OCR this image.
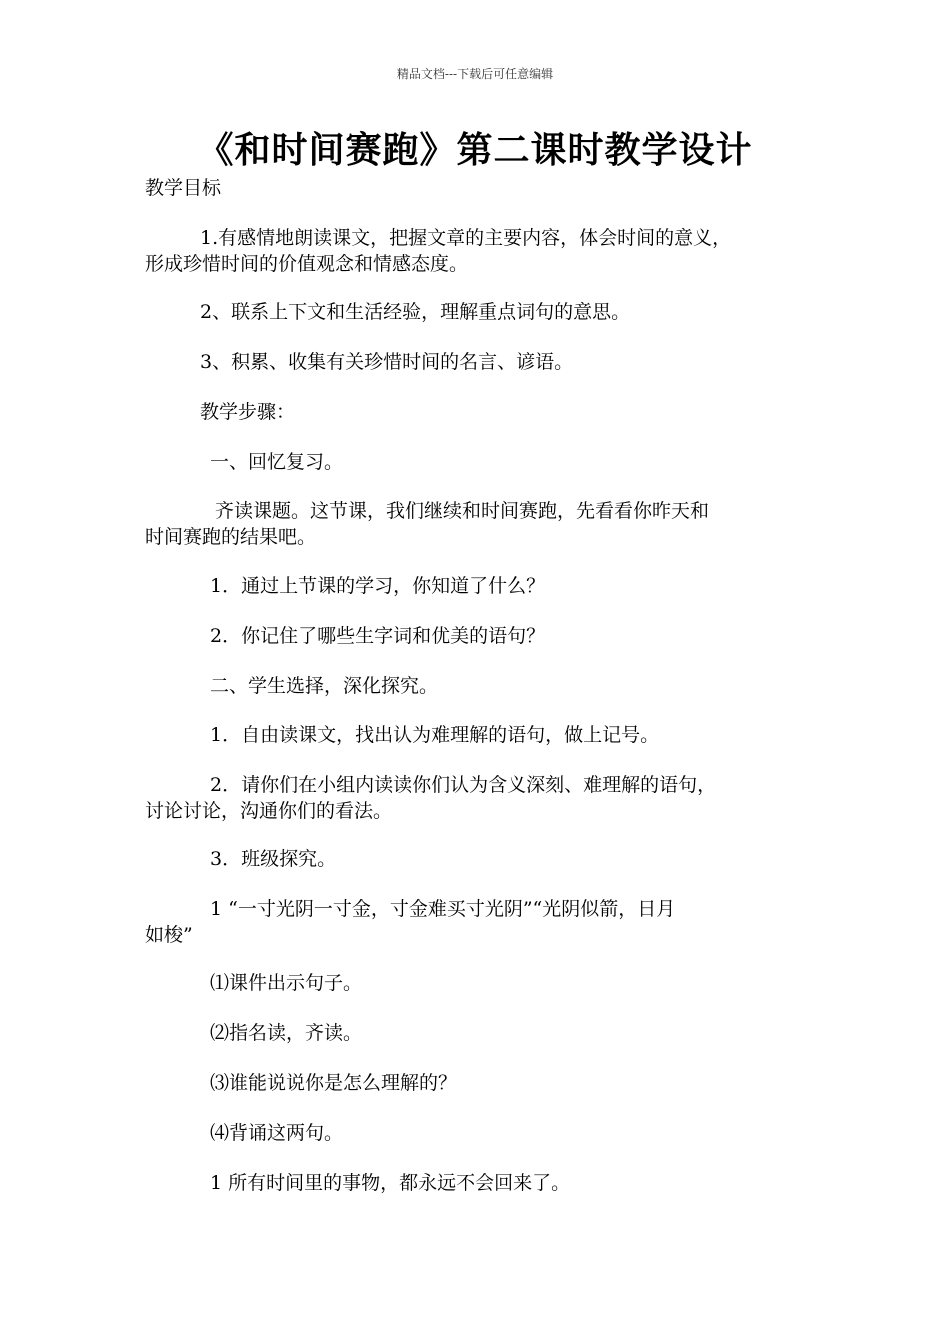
精品文档---下载后可任意编辑
《和时间赛跑》第二课时教学设计
教学目标
1.有感情地朗读课文，把握文章的主要内容，体会时间的意义，
形成珍惜时间的价值观念和情感态度。
2、联系上下文和生活经验，理解重点词句的意思。
3、积累、收集有关珍惜时间的名言、谚语。
教学步骤：
一、回忆复习。
齐读课题。这节课，我们继续和时间赛跑，先看看你昨天和
时间赛跑的结果吧。
1．通过上节课的学习，你知道了什么？
2．你记住了哪些生字词和优美的语句？
二、学生选择，深化探究。
1．自由读课文，找出认为难理解的语句，做上记号。
2．请你们在小组内读读你们认为含义深刻、难理解的语句，
讨论讨论，沟通你们的看法。
3．班级探究。
1 “一寸光阴一寸金，寸金难买寸光阴”“光阴似箭，日月
如梭”
⑴课件出示句子。
⑵指名读，齐读。
⑶谁能说说你是怎么理解的？
⑷背诵这两句。
1 所有时间里的事物，都永远不会回来了。
